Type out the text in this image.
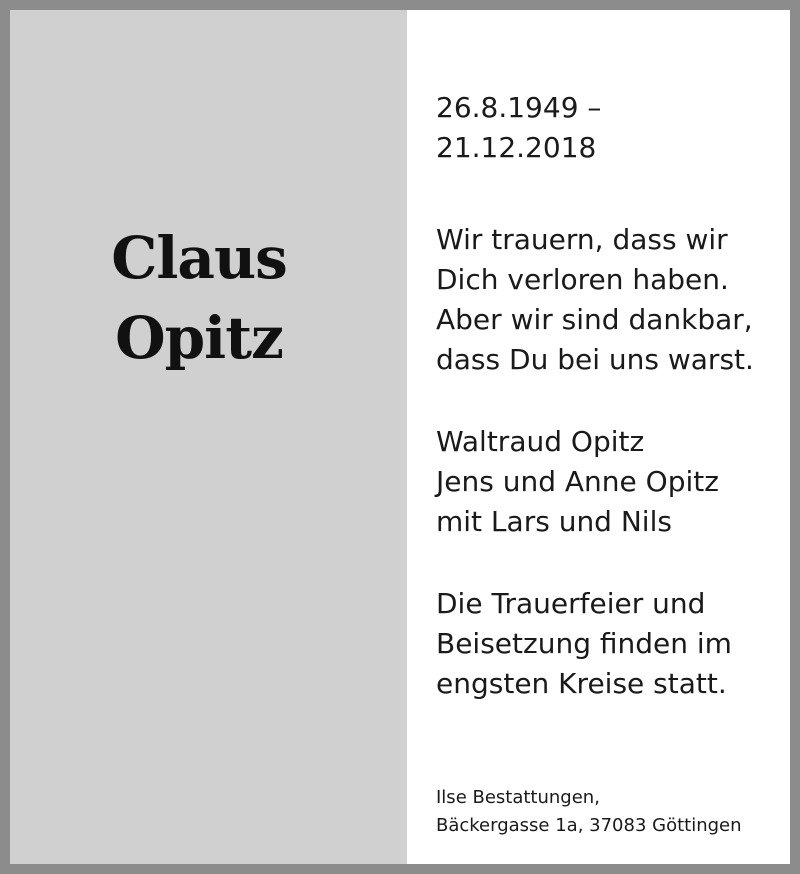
Claus
Opitz
26.8.1949 –
21.12.2018
Wir trauern, dass wir
Dich verloren haben.
Aber wir sind dankbar,
dass Du bei uns warst.
Waltraud Opitz
Jens und Anne Opitz
mit Lars und Nils
Die Trauerfeier und
Beisetzung finden im
engsten Kreise statt.
Ilse Bestattungen,
Bäckergasse 1a, 37083 Göttingen
